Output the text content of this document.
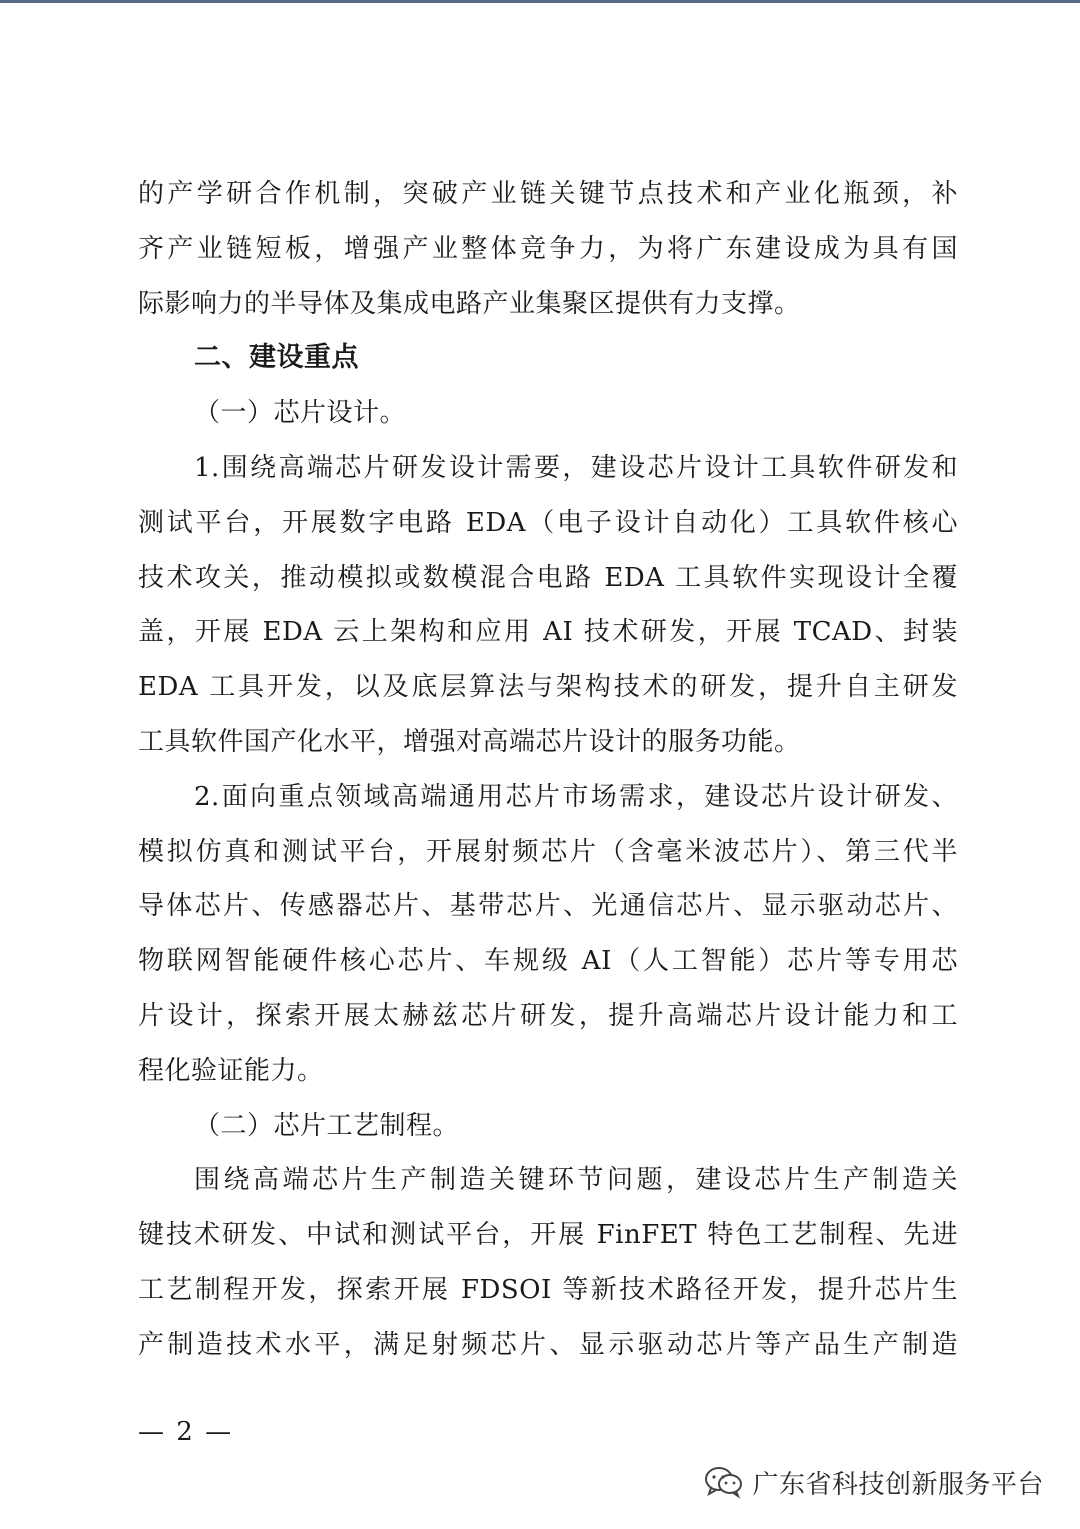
的产学研合作机制，突破产业链关键节点技术和产业化瓶颈，补
齐产业链短板，增强产业整体竞争力，为将广东建设成为具有国
际影响力的半导体及集成电路产业集聚区提供有力支撑。
二、建设重点
（一）芯片设计。
1.围绕高端芯片研发设计需要，建设芯片设计工具软件研发和
测试平台，开展数字电路 EDA（电子设计自动化）工具软件核心
技术攻关，推动模拟或数模混合电路 EDA 工具软件实现设计全覆
盖，开展 EDA 云上架构和应用 AI 技术研发，开展 TCAD、封装
EDA 工具开发，以及底层算法与架构技术的研发，提升自主研发
工具软件国产化水平，增强对高端芯片设计的服务功能。
2.面向重点领域高端通用芯片市场需求，建设芯片设计研发、
模拟仿真和测试平台，开展射频芯片（含毫米波芯片）、第三代半
导体芯片、传感器芯片、基带芯片、光通信芯片、显示驱动芯片、
物联网智能硬件核心芯片、车规级 AI（人工智能）芯片等专用芯
片设计，探索开展太赫兹芯片研发，提升高端芯片设计能力和工
程化验证能力。
（二）芯片工艺制程。
围绕高端芯片生产制造关键环节问题，建设芯片生产制造关
键技术研发、中试和测试平台，开展 FinFET 特色工艺制程、先进
工艺制程开发，探索开展 FDSOI 等新技术路径开发，提升芯片生
产制造技术水平，满足射频芯片、显示驱动芯片等产品生产制造
— 2 —
广东省科技创新服务平台
